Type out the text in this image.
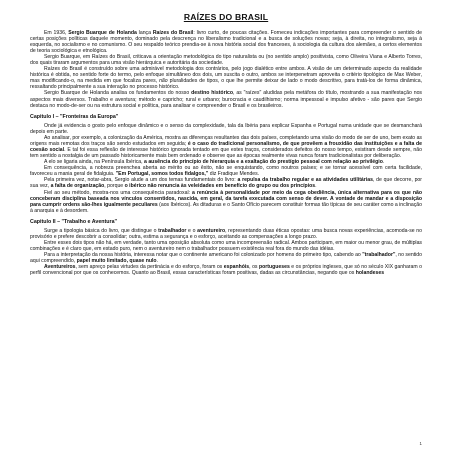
RAÍZES DO BRASIL

Em 1936, Sergio Buarque de Holanda lança Raízes do Brasil: livro curto, de poucas citações. Forneceu indicações importantes para compreender o sentido de certas posições políticas daquele momento, dominado pela descrença no liberalismo tradicional e a busca de soluções novas; seja, à direita, no integralismo, seja à esquerda, no socialismo e no comunismo. O seu respaldo teórico prendia-se à nova história social dos franceses, à sociologia da cultura dos alemães, a certos elementos de teoria sociológica e etnológica.

Sergio Buarque, em Raízes do Brasil, criticava a orientação metodológica do tipo naturalista ou (no sentido amplo) positivista, como Oliveira Viana e Alberto Torres, dos quais tiraram argumentos para uma visão hierárquica e autoritária da sociedade.

Raízes do Brasil é construído sobre uma admirável metodologia dos contrários, pelo jogo dialético entre ambos. A visão de um determinado aspecto da realidade histórica é obtida, no sentido forte do termo, pelo enfoque simultâneo dos dois, um suscita o outro, ambos se interpenetram aproveita o critério tipológico de Max Weber, mas modificando-o, na medida em que focaliza pares, não pluralidades de tipos, o que lhe permite deixar de lado o modo descritivo, para tratá-los de forma dinâmica, ressaltando principalmente a sua interação no processo histórico.

Sergio Buarque de Holanda analisa os fundamentos do nosso destino histórico, as "raízes" aludidas pela metáfora do título, mostrando a sua manifestação nos aspectos mais diversos. Trabalho e aventura; método e capricho; rural e urbano; burocracia e caudilhismo; norma impessoal e impulso afetivo - são pares que Sergio destaca no modo-de-ser ou na estrutura social e política, para analisar e compreender o Brasil e os brasileiros.

Capitulo I – "Fronteiras da Europa"

Onde já evidencia o gosto pelo enfoque dinâmico e o senso da complexidade, tala da Ibéria para explicar Espanha e Portugal numa unidade que se desmanchará depois em parte.

Ao analisar, por exemplo, a colonização da América, mostra as diferenças resultantes das dois países, completando uma visão do modo de ser de uno, bem exato as origens mais remotas dos traços são sendo estudados em seguida; é o caso do tradicional personalismo, de que provêem a frouxidão das instituições e a falta de coesão social. E tal foi essa reflexão de interesse histórico ignorada tentado em que estes traços, considerados defeitos do nosso tempo, existiram desde sempre, não tem sentido a nostalgia de um passado historicamente mais bem ordenado e observe que as épocas realmente vivas nunca foram tradicionalistas por deliberação.

A elo se ligaria ainda, na Península Ibérica, a ausência do princípio de hierarquia e a exaltação do prestígio pessoal com relação ao privilégio.

Em consequência, a nobreza preenchea aberta ao mérito ou ao êxito, não se enquistando, como noutros países; e se tornar acessível com certa facilidade, favoreceu a mania geral de fidalguia. "Em Portugal, somos todos fidalgos," diz Fradique Mendes.

Pela primeira vez, notar-abra, Sergio alude a um dos temas fundamentais do livro: a repulsa da trabalho regular e as atividades utilitárias, de que decorre, por sua vez, a falta de organização, porque o ibérico não renuncia às veleidades em benefício do grupo ou dos princípios.

Fiel ao seu método, mostra-nos uma consequência paradoxal: a renúncia à personalidade por meio da cega obediência, única alternativa para os que não conceberam disciplina baseada nos vínculos consentidos, nascida, em geral, da tarefa executada com senso de dever. A vontade de mandar e a disposição para cumprir ordens são-lhes igualmente peculiares (aos Ibéricos). As ditaduras e o Santo Ofício parecem constituir formas tão típicas de seu caráter como a inclinação à anarquia e à desordem.

Capitulo II – "Trabalho e Aventura"

Surge a tipologia básica do livro, que distingue o trabalhador e o aventureiro, representando duas éticas opostas: uma busca novas experiências, acomoda-se no provisório e prefere descobrir a consolidar; outra, estima a segurança e o esforço, aceitando as compensações a longo prazo.

Entre esses dois tipos não há, em verdade, tanto uma oposição absoluta como uma incompreensão radical. Ambos participam, em maior ou menor grau, de múltiplas combinações e é claro que, em estado puro, nem o aventureiro nem o trabalhador possuem existência real fora do mundo das idéias.

Para a interpretação da nossa história, interessa notar que o continente americano foi colonizado por homens do primeiro tipo, cabendo ao "trabalhador", no sentido aqui compreendido, papel muito limitado, quase nulo.

Aventureiros, sem apreço pelas virtudes da pertinácia e do esforço, foram os espanhóis, os portugueses e os próprios ingleses, que só no século XIX ganharam o perfil convencional por que os conhecemos. Quanto ao Brasil, essas características foram positivas, dadas as circunstâncias, negando que os holandeses

1
